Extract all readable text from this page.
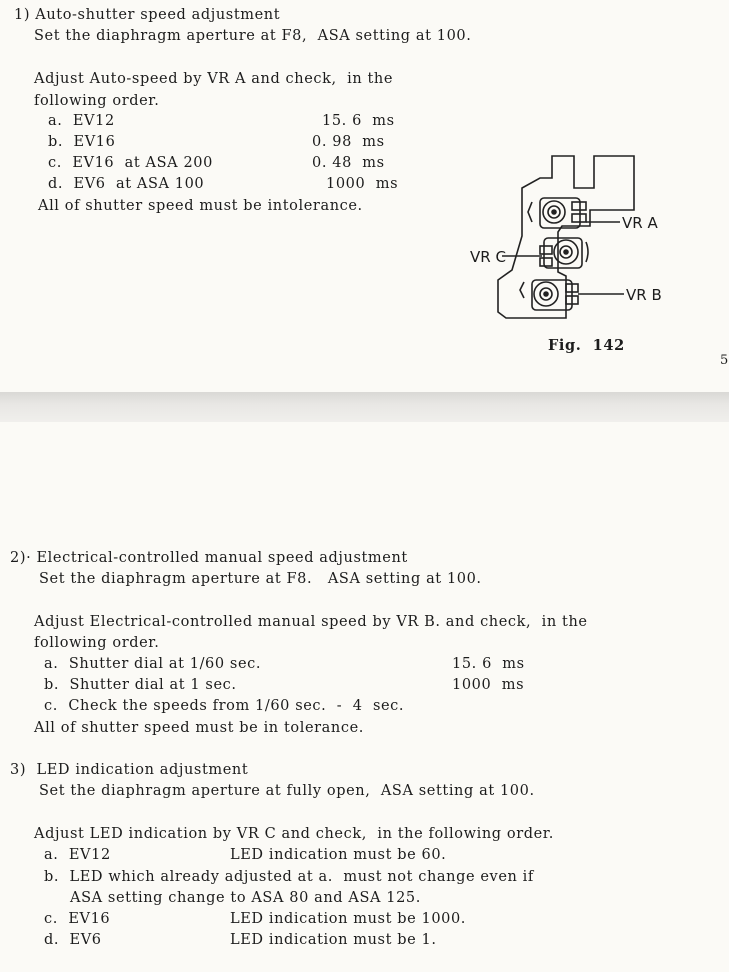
1) Auto-shutter speed adjustment
Set the diaphragm aperture at F8,  ASA setting at 100.
Adjust Auto-speed by VR A and check,  in the
following order.
a.  EV12	15. 6  ms
b.  EV16	0. 98  ms
c.  EV16  at ASA 200	0. 48  ms
d.  EV6  at ASA 100	1000  ms
All of shutter speed must be intolerance.
VR A
VR C
VR B
Fig.  142
5
2)· Electrical-controlled manual speed adjustment
Set the diaphragm aperture at F8.   ASA setting at 100.
Adjust Electrical-controlled manual speed by VR B. and check,  in the
following order.
a.  Shutter dial at 1/60 sec.	15. 6  ms
b.  Shutter dial at 1 sec.	1000  ms
c.  Check the speeds from 1/60 sec.  -  4  sec.
All of shutter speed must be in tolerance.
3)  LED indication adjustment
Set the diaphragm aperture at fully open,  ASA setting at 100.
Adjust LED indication by VR C and check,  in the following order.
a.  EV12	LED indication must be 60.
b.  LED which already adjusted at a.  must not change even if
ASA setting change to ASA 80 and ASA 125.
c.  EV16	LED indication must be 1000.
d.  EV6	LED indication must be 1.
